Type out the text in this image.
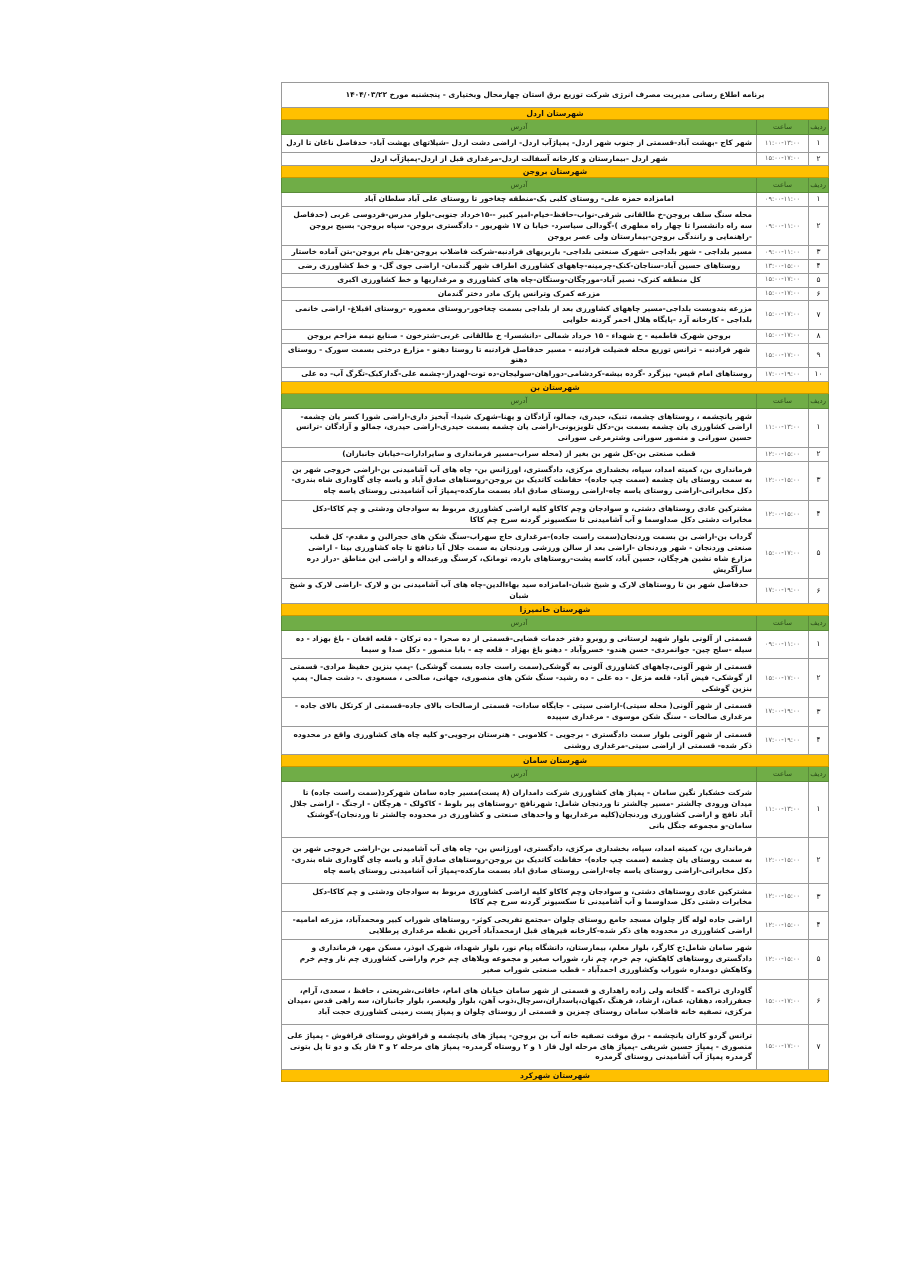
برنامه اطلاع رسانی مدیریت مصرف انرژی شرکت توزیع برق استان چهارمحال وبختیاری - پنجشنبه مورخ ۱۴۰۴/۰۳/۲۲		
شهرستان اردل		
ردیف	ساعت	آدرس
۱	۱۱:۰۰-۱۳:۰۰	شهر کاج -بهشت آباد-قسمتی از جنوب شهر اردل- پمپاژآب اردل- اراضی دشت اردل -شیلاتهای بهشت آباد- حدفاصل ناغان تا اردل
۲	۱۵:۰۰-۱۷:۰۰	شهر اردل -بیمارستان و کارخانه آسفالت اردل-مرغداری قبل از اردل-پمپاژآب اردل
شهرستان بروجن		
ردیف	ساعت	آدرس
۱	۰۹:۰۰-۱۱:۰۰	امامزاده حمزه علی- روستای کلبی بک-منطقه چغاخور تا روستای علی آباد سلطان آباد
۲	۰۹:۰۰-۱۱:۰۰	محله سنگ سلف بروجن-خ طالقانی شرقی-نواب-حافظ-خیام-امیر کبیر --۱۵خرداد جنوبی-بلوار مدرس-فردوسی غربی (حدفاصل سه راه دانشسرا تا چهار راه مطهری )-گودالی سیاسرد- خیابا ن ۱۷ شهریور - دادگستری بروجن- سپاه بروجن- بسیج بروجن -راهنمایی و رانندگی بروجن-بیمارستان ولی عصر بروجن
۳	۰۹:۰۰-۱۱:۰۰	مسیر بلداجی - شهر بلداجی -شهرک صنعتی بلداجی- باربریهای فرادنبه-شرکت فاضلاب بروجن-هتل بام بروجن-بتن آماده خاستار
۴	۱۳:۰۰-۱۵:۰۰	روستاهای حسین آباد-سناجان-کنک-چرمینه-چاههای کشاورزی اطراف شهر گندمان- اراضی جوی گل- و خط کشاورزی رضی
۵	۱۵:۰۰-۱۷:۰۰	کل منطقه کنرک- نصیر آباد-مورچگان-وستگان-چاه های کشاورزی و مرغداریها و خط کشاورزی اکبری
۶	۱۵:۰۰-۱۷:۰۰	مزرعه کمرک وترانس پارک مادر دختر گندمان
۷	۱۵:۰۰-۱۷:۰۰	مزرعه بندوبست بلداجی-مسیر چاههای کشاورزی بعد از بلداجی بسمت چغاخور-روستای معموره -روستای اقبلاغ- اراضی خانمی بلداجی - کارخانه آرد -پایگاه هلال احمر گردنه حلوایی
۸	۱۵:۰۰-۱۷:۰۰	بروجن شهرک فاطمیه - خ شهداء - ۱۵ خرداد شمالی -دانشسرا- خ طالقانی غربی-شترخون - صنایع نیمه مزاحم بروجن
۹	۱۵:۰۰-۱۷:۰۰	شهر فرادنبه - ترانس توزیع محله فضیلت فرادنبه - مسیر حدفاصل فرادنبه تا روستا دهنو - مزارع درختی بسمت سورک - روستای دهنو
۱۰	۱۷:۰۰-۱۹:۰۰	روستاهای امام قیس- بیزگرد -گرده بیشه-کردشامی-دوراهان-سولیجان-ده توت-لهدراز-چشمه علی-گدارکبک-تگرگ آب- ده علی
شهرستان بن		
ردیف	ساعت	آدرس
۱	۱۱:۰۰-۱۳:۰۰	شهر یانچشمه ، روستاهای چشمه، تنبک، حیدری، جمالو، آزادگان و یهنا-شهرک شیدا- آبخیز داری-اراضی شورا کسر یان چشمه-اراضی کشاورزی یان چشمه بسمت بن-دکل تلویزیونی-اراضی یان چشمه بسمت حیدری-اراضی حیدری، جمالو و آزادگان -ترانس حسین سورانی و منصور سورانی وشترمرغی سورانی
۲	۱۲:۰۰-۱۵:۰۰	قطب صنعتی بن-کل شهر بن بغیر از (محله سراب-مسیر فرمانداری و سایرادارات-خیابان جانبازان)
۳	۱۲:۰۰-۱۵:۰۰	فرمانداری بن، کمیته امداد، سپاه، بخشداری مرکزی، دادگستری، اورژانس بن- چاه های آب آشامیدنی بن-اراضی خروجی شهر بن به سمت روستای یان چشمه (سمت چپ جاده)- حفاظت کاتدیک بن بروجن-روستاهای صادق آباد و یاسه چای گاوداری شاه بندری-دکل مخابراتی-اراضی روستای یاسه چاه-اراضی روستای صادق اباد بسمت مارکده-پمپاژ آب آشامیدنی روستای یاسه چاه
۴	۱۲:۰۰-۱۵:۰۰	مشترکین عادی روستاهای دشتی، و سوادجان وچم کاکاو کلیه اراضی کشاورزی مربوط به سوادجان ودشتی و چم کاکا-دکل مخابرات دشتی دکل صداوسما و آب آشامیدنی تا سکسیونر گردنه سرخ چم کاکا
۵	۱۵:۰۰-۱۷:۰۰	گرداب بن-اراضی بن بسمت وردنجان(سمت راست جاده)-مرغداری حاج سهراب-سنگ شکن های حجرالبن و مقدم- کل قطب صنعتی وردنجان - شهر وردنجان -اراضی بعد از سالن ورزشی وردنجان به سمت جلال آبا دنافچ تا چاه کشاورزی بینا - اراضی مزارع شاه نشین هرچگان، حسین آباد، کاسه پشت-روستاهای بارده، تومانک، کرسنگ ورعبداله و اراضی این مناطق -دراز دره سارآگریش
۶	۱۷:۰۰-۱۹:۰۰	حدفاصل شهر بن تا روستاهای لارک و شیخ شبان-امامزاده سید بهاءالدین-چاه های آب آشامیدنی بن و لارک -اراضی لارک و شیخ شبان
شهرستان خانمیرزا		
ردیف	ساعت	آدرس
۱	۰۹:۰۰-۱۱:۰۰	قسمتی از آلونی بلوار شهید لرستانی و روبرو دفتر خدمات قضایی-قسمتی از ده صحرا - ده ترکان - قلعه افغان - باغ بهزاد - ده سیله -سلح چین- جوانمردی- حسن هندو- خسروآباد - دهنو باغ بهزاد - قلعه چه - بابا منصور - دکل صدا و سیما
۲	۱۵:۰۰-۱۷:۰۰	قسمتی از شهر آلونی،چاههای کشاورزی آلونی به گوشکی(سمت راست جاده بسمت گوشکی) -پمپ بنزین حفیظ مرادی- قسمتی از گوشکی- فیض آباد- قلعه مزعل - ده علی - ده رشید- سنگ شکن های منصوری، جهانی، صالحی ، مسعودی .- دشت جمال- پمپ بنزین گوشکی
۳	۱۷:۰۰-۱۹:۰۰	قسمتی از شهر آلونی( محله سیتی)-اراضی سیتی - جایگاه سادات- قسمتی ازصالحات بالای جاده-قسمتی از کرتکل بالای جاده - مرغداری صالحات - سنگ شکن موسوی - مرغداری سپیده
۴	۱۷:۰۰-۱۹:۰۰	قسمتی از شهر آلونی بلوار سمت دادگستری - برجویی - کلاموبی - هنرستان برجویی-و کلیه چاه های کشاورزی واقع در محدوده ذکر شده- قسمتی از اراضی سیتی-مرغداری روشنی
شهرستان سامان		
ردیف	ساعت	آدرس
۱	۱۱:۰۰-۱۳:۰۰	شرکت خشکبار نگین سامان - پمپاژ های کشاورزی شرکت دامداران (۸ پست)مسیر جاده سامان شهرکرد(سمت راست جاده) تا میدان ورودی چالشتر -مسیر چالشتر تا وردنجان شامل: شهرنافچ -روستاهای پیر بلوط - کاکولک - هرچگان - ارجنگ - اراضی جلال آباد نافچ و اراضی کشاورزی وردنجان(کلیه مرغداریها و واحدهای صنعتی و کشاورزی در محدوده چالشتر تا وردنجان)-گوشنک سامان-و مجموعه جنگل بانی
۲	۱۲:۰۰-۱۵:۰۰	فرمانداری بن، کمیته امداد، سپاه، بخشداری مرکزی، دادگستری، اورژانس بن- چاه های آب آشامیدنی بن-اراضی خروجی شهر بن به سمت روستای یان چشمه (سمت چپ جاده)- حفاظت کاتدیک بن بروجن-روستاهای صادق آباد و یاسه چای گاوداری شاه بندری-دکل مخابراتی-اراضی روستای یاسه چاه-اراضی روستای صادق اباد بسمت مارکده-پمپاژ آب آشامیدنی روستای یاسه چاه
۳	۱۲:۰۰-۱۵:۰۰	مشترکین عادی روستاهای دشتی، و سوادجان وچم کاکاو کلیه اراضی کشاورزی مربوط به سوادجان ودشتی و چم کاکا-دکل مخابرات دشتی دکل صداوسما و آب آشامیدنی تا سکسیونر گردنه سرخ چم کاکا
۴	۱۲:۰۰-۱۵:۰۰	اراضی جاده لوله گاز چلوان مسجد جامع روستای چلوان -مجتمع تفریحی کوثر- روستاهای شوراب کبیر ومحمدآباد، مزرعه امامیه- اراضی کشاورزی در محدوده های ذکر شده-کارخانه قیرهای قبل ازمحمدآباد آخرین نقطه مرغداری پرطلایی
۵	۱۲:۰۰-۱۵:۰۰	شهر سامان شامل:خ کارگر، بلوار معلم، بیمارستان، دانشگاه پیام نور، بلوار شهداء، شهرک ابوذر، مسکن مهر، فرمانداری و دادگستری روستاهای کاهکش، چم خرم، چم نار، شوراب صغیر و مجموعه ویلاهای چم خرم واراضی کشاورزی چم نار وچم خرم وکاهکش دومداره شوراب وکشاورزی احمدآباد - قطب صنعتی شوراب صغیر
۶	۱۵:۰۰-۱۷:۰۰	گاوداری تراکمه - گلخانه ولی زاده راهداری و قسمتی از شهر سامان خیابان های امام، خاقانی،شریعتی ، حافظ ، سعدی، آرام، جعفرزاده، دهقان، عمان، ارشاد، فرهنگ ،کیهان،پاسداران،سرچال،ذوب آهن، بلوار ولیعصر، بلوار جانبازان، سه راهی قدس ،میدان مرکزی، تصفیه خانه فاضلاب سامان روستای چمزین و قسمتی از روستای چلوان و پمپاژ پست زمینی کشاورزی حجت آباد
۷	۱۵:۰۰-۱۷:۰۰	ترانس گردو کاران یانچشمه - برق موقت تصفیه خانه آب بن بروجن- پمپاژ های یانچشمه و قرافوش روستای قرافوش - پمپاژ علی منصوری - پمپاژ حسین شریفی -پمپاژ های مرحله اول فاز ۱ و ۲ روستاه گرمدره- پمپاژ های مرحله ۲ و ۳ فاز یک و دو تا پل بتونی گرمدره پمپاژ آب آشامیدنی روستای گرمدره
شهرستان شهرکرد		
